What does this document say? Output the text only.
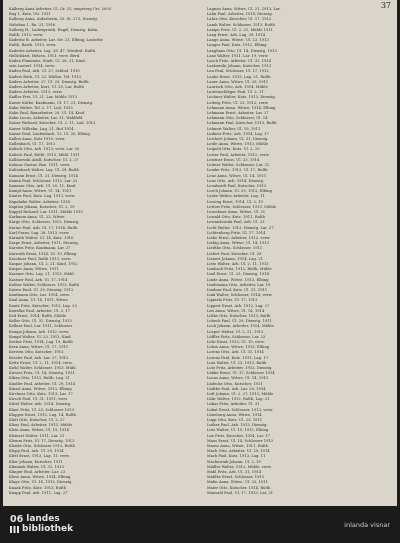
37
Kalberg Anna Arbeiter, Ul. Gr. 31, eingetrag Urt. 2093
Rug 1, Kutz, Uti. 1911
Kalberg Anna, Aufseherin, 25. St. 273, Dienstg.
Nahrbau 1, Ru. 21, 1916
Kalberg H., Ludwigsrath, Engel, Dienstg. Kahn,
Rulth, 1913, verw.
Kaderitz B. Arbeiter, Lar. Str. 21, Elbing, Lasterbr.
Rulth, Rarth. 1913, verw.
Kaderitz Arbeiter, Lag. 28. 47, Wiesbrd. Rulth.
Hellichkeit, Helsen, 1911, verw. Berd.
Kaden Flaminius, Stadt. Ul. 28. 21, Kind.
sein Lasterl. 1914, verw.
Kaden Paul, Arb. Ul. 27, Schlod. 1910
Kaders Ruth, Ul. 23, Wüllen. Tel. 1913
Kaders Arbeiter, 27. Ul. 29, Dienstg. Rulth
Kaders Arbeiter, Kurt, Ul. 29, Lar. Rulth
Kaders Arbeiter, 1913, verw.
Kadler Frei, Ul. 21. Lar. Mühle 1913
Kaiser Käthe, Kaufmann, Ul. 17. 21, Dienstg.
Kahn Walter, Tel. 2. 17, Lud. 1913
Kahn Paul, Bauarbeiter, 29. Ul. 14, Kind.
Kahn Lucas, Arbeiter, Lar. 31, Wahlfeld
Kaiser Richard, Kutscher, Ul. 2. 11, Lud. 1913
Kaiser Wilhelm, Lag. 21, Hof 1914
Kaiser Paul, Laufenbach, 12. Ul. 20, Elbing
Kallen Anna, Kutz 1910, verw.
Kallenbach, Ul. 17, 1913
Kalisch Otto, Arb. 1913, verw. Lar. 20
Kalisch Paul, Rulth, 1913, Mühl. 1911
Kallinowski Adolf, Kutscher, Ul. 2, 27
Kalmus Gustav, Bau. 1911, verw.
Kaltenbach Walter, Lag. Ul. 29, Rulth
Kamann Ernst, Ul. 31, Dienstg. 1914
Kamin Paul, Schlosser, 1912, Lar. 22
Kammer Otto, Arb. Ul. 20. 11, Kind.
Kampf Anna, Witwe, Ul. 14, 1911
Kanter Paul, Kutz. Lag. 1913, verw.
Kapahnke Walter, Arbeiter, 1914
Kapitza Johann, Kutscher, Ul. 2, 19
Kappel Richard, Lar. 1911, Mühle 1913
Karbaum Anna, Ul. 23, Witwe
Karge Otto, Schlosser, 1913, Dienstg.
Karius Paul, Arb. Ul. 17, 1914, Rulth
Karl Franz, Lag. 28, 1913, verw.
Karnath Walter, Ul. 14, Kutz. 1910
Karpe Ernst, Arbeiter, 1911, Dienstg.
Karsten Fritz, Kaufmann, Lar. 27
Karwath Ernst, 1914, Ul. 19, Elbing
Kaschner Paul, Rulth 1913, verw.
Kaspar Johann, Ul. 2, 21, Kind. 1912
Kasper Anna, Witwe, 1911
Kassner Otto, Lag. 21, 1913, Mühl.
Kastner Paul, Arb. Ul. 17, 1914
Kather Walter, Schlosser, 1913, Rulth
Katzer Emil, Ul. 29, Dienstg. 1912
Kaufmann Otto, Lar. 1914, verw.
Kaul Anna, Ul. 14, 1911, Witwe
Kautz Fritz, Kutscher, 1913, Lag. 20
Kawelke Paul, Arbeiter, Ul. 2, 17
Keil Ernst, 1914, Rulth, Mühle
Keller Otto, Ul. 31, Dienstg. 1913
Kellner Paul, Lar. 1911, Schlosser
Kempa Johann, Arb. 1912, verw.
Kempf Walter, Ul. 23, 1913, Kind.
Kerber Fritz, 1914, Lag. 19, Rulth
Kern Anna, Witwe, Ul. 17, 1911
Kersten Otto, Kutscher, 1913
Kessler Paul, Arb. Lar. 27, 1912
Kette Ernst, Ul. 2, 11, 1914, verw.
Kiehl Walter, Schlosser, 1913, Mühl.
Kiesow Fritz, Ul. 14, Dienstg. 1911
Kilian Otto, 1913, Rulth, Lag. 21
Kindler Paul, Arbeiter, Ul. 29, 1914
Kinzel Anna, Witwe, 1912, Elbing
Kirchner Otto, Kutz. 1913, Lar. 17
Kirsch Paul, Ul. 31, 1911, verw.
Kittel Walter, Arb. 1914, Dienstg.
Klaer Fritz, Ul. 23, Schlosser 1913
Klapper Ernst, 1912, Lag. 14, Rulth
Klatt Otto, Kutscher, Ul. 2, 27
Klaus Paul, Arbeiter, 1913, Mühle
Klein Anna, Witwe, Ul. 19, 1914
Kleinert Walter, 1911, Lar. 21
Klemm Fritz, Ul. 17, Dienstg. 1913
Klenke Otto, Schlosser 1912, Rulth
Klepp Paul, Arb. Ul. 29, 1914
Klett Ernst, 1913, Lag. 11, verw.
Klier Johann, Kutscher, 1911
Klimmek Walter, Ul. 31, 1913
Klinger Paul, Arbeiter, Lar. 23
Klose Anna, Witwe, 1914, Elbing
Kluge Otto, Ul. 14, 1912, Dienstg.
Knaak Fritz, Kutz. 1913, Rulth
Knapp Paul, Arb. 1911, Lag. 27
Lagnau Anna, Witwe, Ul. 21, 1913, Lar.
Lahn Paul, Arbeiter, 1914, Dienstg.
Lahrs Otto, Kutscher, Ul. 17, 1912
Lamb Walter, Schlosser, 1913, Rulth
Lampe Fritz, Ul. 2, 21, Mühle 1911
Lang Ernst, Arb. Lag. 29, 1914
Lange Anna, Witwe, Ul. 23, 1913
Langer Paul, Kutz. 1912, Elbing
Langhans Otto, Ul. 14, Dienstg. 1913
Lanz Walter, 1911, Lar. 19, verw.
Lasch Fritz, Arbeiter, Ul. 31, 1914
Laskowski Johann, Kutscher, 1913
Lau Paul, Schlosser, Ul. 17, 1912
Laube Ernst, 1913, Lag. 21, Rulth
Lauer Anna, Witwe, Ul. 29, 1911
Laurisch Otto, Arb. 1914, Mühle
Lautenschläger Paul, Ul. 2, 11
Lechner Walter, Kutz. 1913, Dienstg.
Ledwig Fritz, Ul. 23, 1912, verw.
Lehmann Anna, Witwe, 1914, Elbing
Lehmann Ernst, Arbeiter, Lar. 27
Lehmann Otto, Schlosser, Ul. 14
Lehmann Paul, Kutscher, 1913, Rulth
Lehnert Walter, Ul. 19, 1911
Leibner Fritz, Arb. 1914, Lag. 17
Leichert Johann, Ul. 31, Dienstg.
Leide Anna, Witwe, 1913, Mühle
Leipold Otto, Kutz. Ul. 2, 29
Leiser Paul, Arbeiter, 1912, verw.
Leistner Ernst, Ul. 23, 1914
Leitner Walter, Schlosser, Lar. 21
Lemke Fritz, 1913, Ul. 17, Rulth
Lenz Anna, Witwe, Ul. 14, 1911
Lenz Otto, Arb. 1914, Dienstg.
Leonhardt Paul, Kutscher, 1913
Lerch Johann, Ul. 29, 1912, Elbing
Leske Walter, Arbeiter, Lag. 11
Lessing Ernst, 1914, Ul. 2, 19
Lettow Fritz, Schlosser, 1913, Mühle
Leuschner Anna, Witwe, Ul. 31
Lewald Otto, Kutz. 1911, Rulth
Lewandowski Paul, Arb. Ul. 23
Licht Walter, 1913, Dienstg. Lar. 27
Lichtenberg Fritz, Ul. 17, 1914
Liebe Ernst, Arbeiter, 1912, verw.
Liebig Anna, Witwe, Ul. 14, 1913
Liedtke Otto, Schlosser, 1911
Liefert Paul, Kutscher, Ul. 29
Lienert Johann, 1914, Lag. 21
Lietz Walter, Arb. Ul. 2, 11, 1913
Limbach Fritz, 1912, Rulth, Mühle
Lind Ernst, Ul. 23, Dienstg. 1914
Linde Anna, Witwe, 1913, Elbing
Lindemann Otto, Arbeiter, Lar. 19
Lindner Paul, Kutz. Ul. 31, 1911
Link Walter, Schlosser, 1914, verw.
Lipinski Fritz, Ul. 17, 1913
Lippert Ernst, Arb. 1912, Lag. 27
List Anna, Witwe, Ul. 14, 1914
Littke Otto, Kutscher, 1913, Rulth
Lobeck Paul, Ul. 29, Dienstg. 1911
Loch Johann, Arbeiter, 1914, Mühle
Loeper Walter, Ul. 2, 21, 1913
Löffler Fritz, Schlosser, Lar. 23
Löhr Ernst, 1912, Ul. 19, verw.
Lohse Anna, Witwe, 1913, Elbing
Lorenz Otto, Arb. Ul. 31, 1914
Lorenz Paul, Kutz. 1911, Lag. 17
Loss Walter, Ul. 23, 1913, Rulth
Lotz Fritz, Arbeiter, 1912, Dienstg.
Lübke Ernst, Ul. 17, Schlosser 1914
Lucas Anna, Witwe, Ul. 14, 1913
Lüdecke Otto, Kutscher, 1911
Lüdtke Paul, Arb. Lar. 29, 1914
Luft Johann, Ul. 2, 27, 1913, Mühle
Lühr Walter, 1912, Rulth, Lag. 21
Lukas Fritz, Arbeiter, Ul. 31
Lukat Ernst, Schlosser, 1913, verw.
Lüneburg Anna, Witwe, 1914
Lupp Otto, Kutz. Ul. 23, 1911
Luther Paul, Arb. 1913, Dienstg.
Lutz Walter, Ul. 19, 1912, Elbing
Lux Fritz, Kutscher, 1914, Lar. 17
Maas Ernst, Ul. 14, Schlosser 1913
Maass Anna, Witwe, 1911, Rulth
Mach Otto, Arbeiter, Ul. 29, 1914
Mack Paul, Kutz. 1913, Lag. 11
Mackowiak Johann, Ul. 2, 19
Mädler Walter, 1912, Mühle, verw.
Mahl Fritz, Arb. Ul. 31, 1914
Mahlke Ernst, Schlosser, 1913
Mahn Anna, Witwe, Ul. 23, 1911
Maier Otto, Kutscher, 1914, Rulth
Maiwald Paul, Ul. 17, 1913, Lar. 21
06 landes
bibliothek	inlanda visnar
